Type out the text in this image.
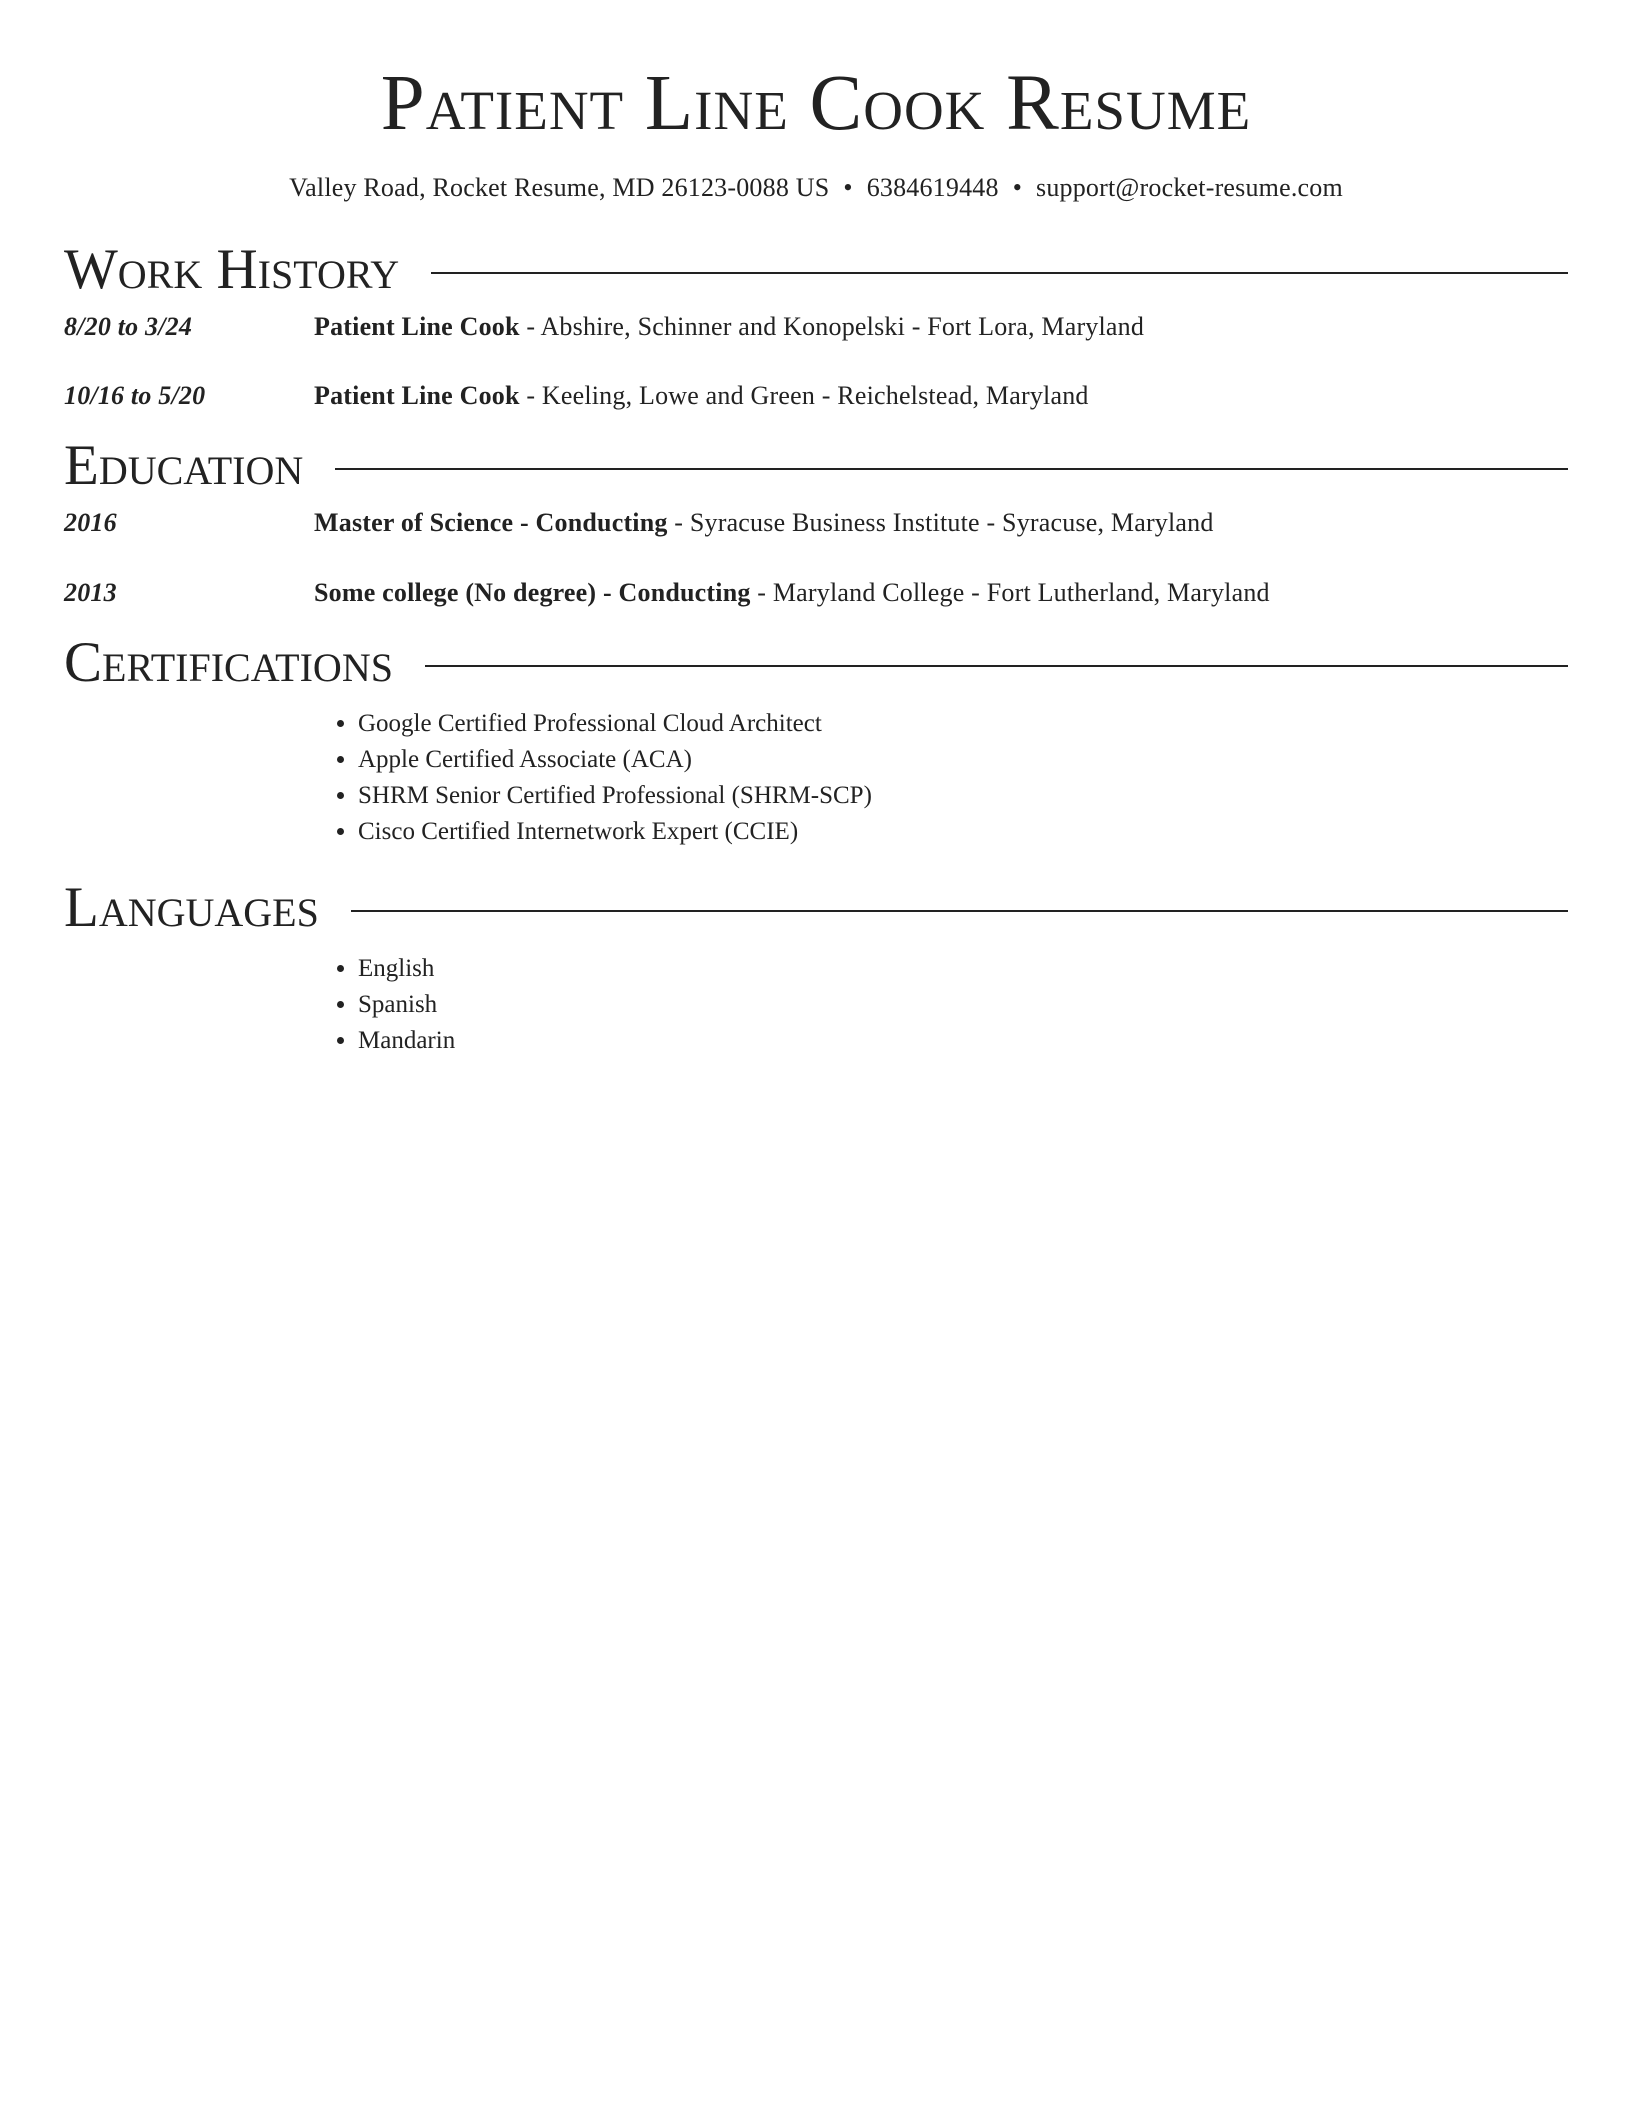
Patient Line Cook Resume
Valley Road, Rocket Resume, MD 26123-0088 US • 6384619448 • support@rocket-resume.com
Work History
8/20 to 3/24	Patient Line Cook - Abshire, Schinner and Konopelski - Fort Lora, Maryland
10/16 to 5/20	Patient Line Cook - Keeling, Lowe and Green - Reichelstead, Maryland
Education
2016	Master of Science - Conducting - Syracuse Business Institute - Syracuse, Maryland
2013	Some college (No degree) - Conducting - Maryland College - Fort Lutherland, Maryland
Certifications
• Google Certified Professional Cloud Architect
• Apple Certified Associate (ACA)
• SHRM Senior Certified Professional (SHRM-SCP)
• Cisco Certified Internetwork Expert (CCIE)
Languages
• English
• Spanish
• Mandarin
